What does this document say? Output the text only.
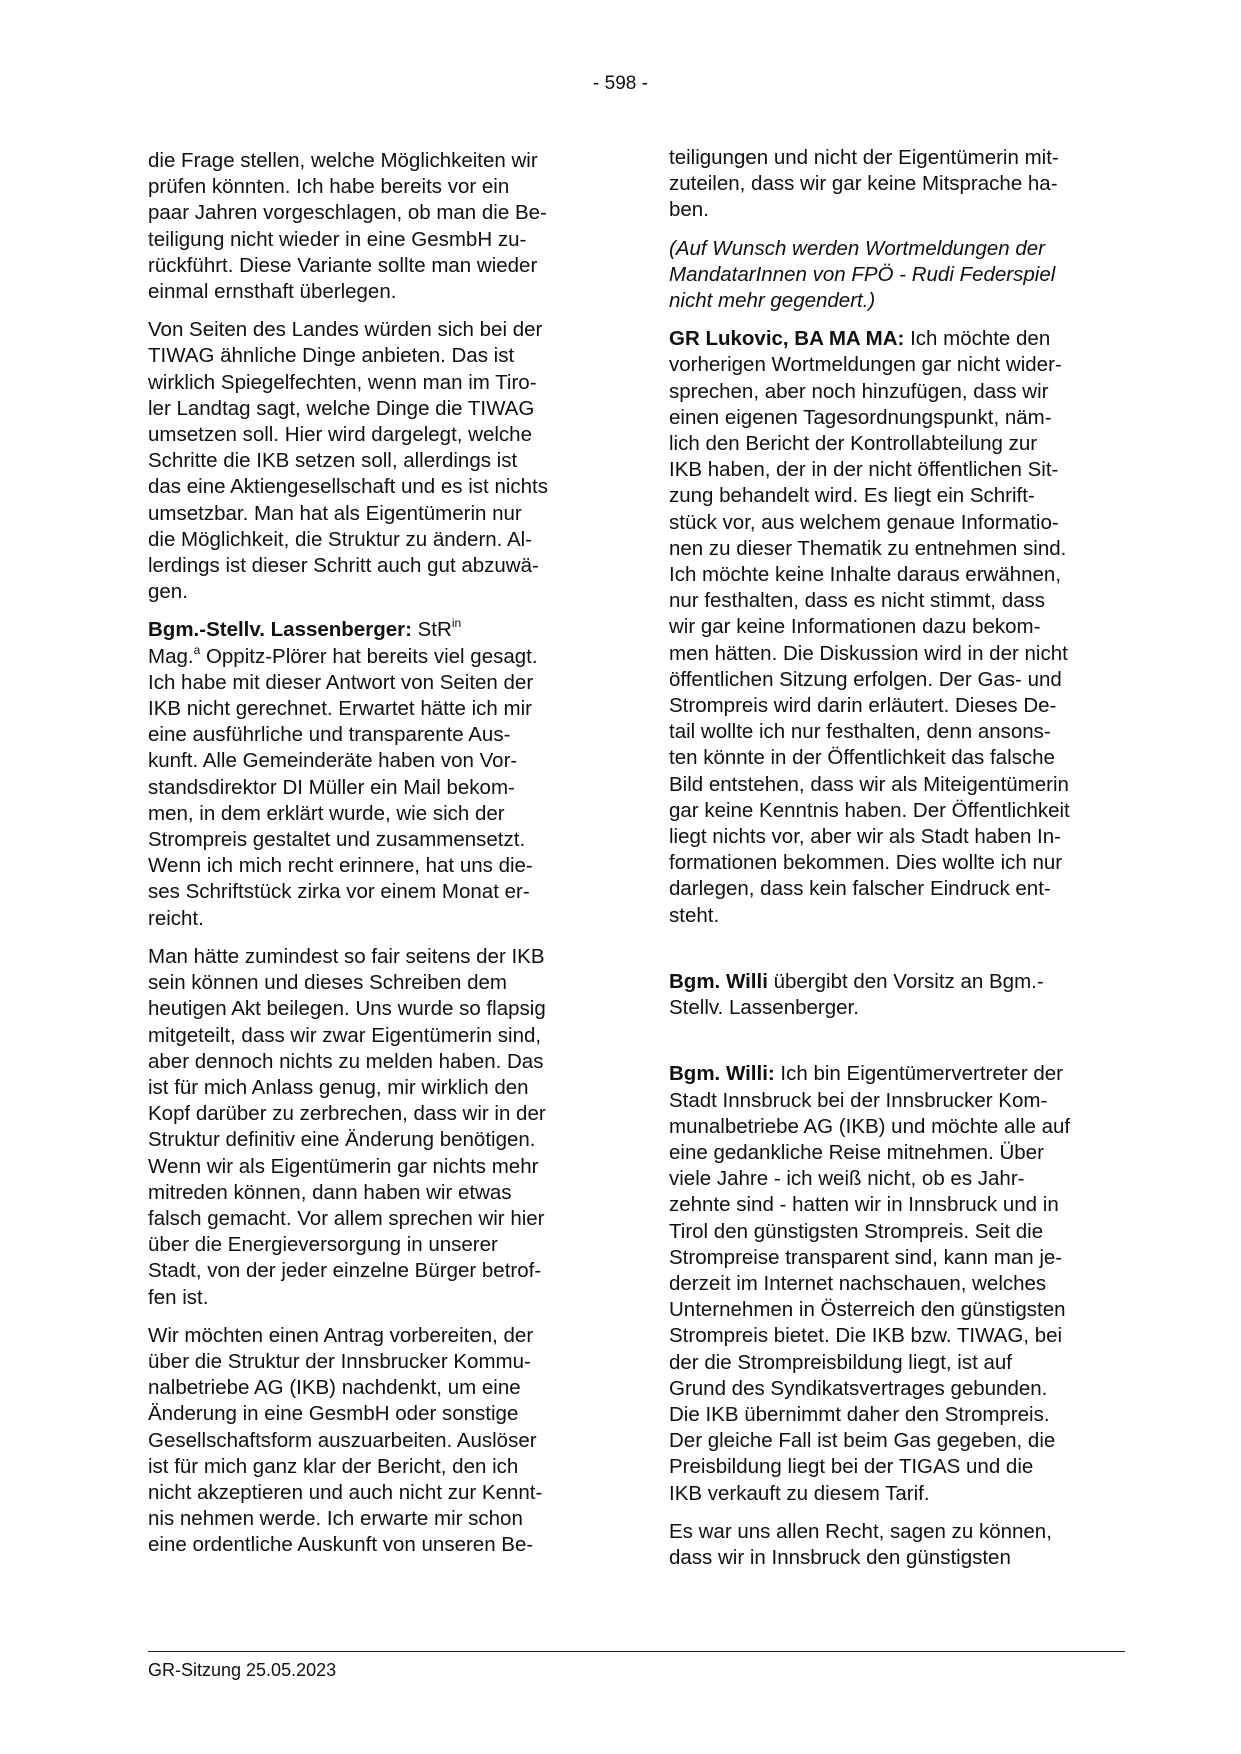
- 598 -

die Frage stellen, welche Möglichkeiten wir
prüfen könnten. Ich habe bereits vor ein
paar Jahren vorgeschlagen, ob man die Be-
teiligung nicht wieder in eine GesmbH zu-
rückführt. Diese Variante sollte man wieder
einmal ernsthaft überlegen.

Von Seiten des Landes würden sich bei der
TIWAG ähnliche Dinge anbieten. Das ist
wirklich Spiegelfechten, wenn man im Tiro-
ler Landtag sagt, welche Dinge die TIWAG
umsetzen soll. Hier wird dargelegt, welche
Schritte die IKB setzen soll, allerdings ist
das eine Aktiengesellschaft und es ist nichts
umsetzbar. Man hat als Eigentümerin nur
die Möglichkeit, die Struktur zu ändern. Al-
lerdings ist dieser Schritt auch gut abzuwä-
gen.

Bgm.-Stellv. Lassenberger: StR$^{in}$
Mag.$^a$ Oppitz-Plörer hat bereits viel gesagt.
Ich habe mit dieser Antwort von Seiten der
IKB nicht gerechnet. Erwartet hätte ich mir
eine ausführliche und transparente Aus-
kunft. Alle Gemeinderäte haben von Vor-
standsdirektor DI Müller ein Mail bekom-
men, in dem erklärt wurde, wie sich der
Strompreis gestaltet und zusammensetzt.
Wenn ich mich recht erinnere, hat uns die-
ses Schriftstück zirka vor einem Monat er-
reicht.

Man hätte zumindest so fair seitens der IKB
sein können und dieses Schreiben dem
heutigen Akt beilegen. Uns wurde so flapsig
mitgeteilt, dass wir zwar Eigentümerin sind,
aber dennoch nichts zu melden haben. Das
ist für mich Anlass genug, mir wirklich den
Kopf darüber zu zerbrechen, dass wir in der
Struktur definitiv eine Änderung benötigen.
Wenn wir als Eigentümerin gar nichts mehr
mitreden können, dann haben wir etwas
falsch gemacht. Vor allem sprechen wir hier
über die Energieversorgung in unserer
Stadt, von der jeder einzelne Bürger betrof-
fen ist.

Wir möchten einen Antrag vorbereiten, der
über die Struktur der Innsbrucker Kommu-
nalbetriebe AG (IKB) nachdenkt, um eine
Änderung in eine GesmbH oder sonstige
Gesellschaftsform auszuarbeiten. Auslöser
ist für mich ganz klar der Bericht, den ich
nicht akzeptieren und auch nicht zur Kennt-
nis nehmen werde. Ich erwarte mir schon
eine ordentliche Auskunft von unseren Be-

teiligungen und nicht der Eigentümerin mit-
zuteilen, dass wir gar keine Mitsprache ha-
ben.

(Auf Wunsch werden Wortmeldungen der
MandatarInnen von FPÖ - Rudi Federspiel
nicht mehr gegendert.)

GR Lukovic, BA MA MA: Ich möchte den
vorherigen Wortmeldungen gar nicht wider-
sprechen, aber noch hinzufügen, dass wir
einen eigenen Tagesordnungspunkt, näm-
lich den Bericht der Kontrollabteilung zur
IKB haben, der in der nicht öffentlichen Sit-
zung behandelt wird. Es liegt ein Schrift-
stück vor, aus welchem genaue Informatio-
nen zu dieser Thematik zu entnehmen sind.
Ich möchte keine Inhalte daraus erwähnen,
nur festhalten, dass es nicht stimmt, dass
wir gar keine Informationen dazu bekom-
men hätten. Die Diskussion wird in der nicht
öffentlichen Sitzung erfolgen. Der Gas- und
Strompreis wird darin erläutert. Dieses De-
tail wollte ich nur festhalten, denn ansons-
ten könnte in der Öffentlichkeit das falsche
Bild entstehen, dass wir als Miteigentümerin
gar keine Kenntnis haben. Der Öffentlichkeit
liegt nichts vor, aber wir als Stadt haben In-
formationen bekommen. Dies wollte ich nur
darlegen, dass kein falscher Eindruck ent-
steht.

Bgm. Willi übergibt den Vorsitz an Bgm.-
Stellv. Lassenberger.

Bgm. Willi: Ich bin Eigentümervertreter der
Stadt Innsbruck bei der Innsbrucker Kom-
munalbetriebe AG (IKB) und möchte alle auf
eine gedankliche Reise mitnehmen. Über
viele Jahre - ich weiß nicht, ob es Jahr-
zehnte sind - hatten wir in Innsbruck und in
Tirol den günstigsten Strompreis. Seit die
Strompreise transparent sind, kann man je-
derzeit im Internet nachschauen, welches
Unternehmen in Österreich den günstigsten
Strompreis bietet. Die IKB bzw. TIWAG, bei
der die Strompreisbildung liegt, ist auf
Grund des Syndikatsvertrages gebunden.
Die IKB übernimmt daher den Strompreis.
Der gleiche Fall ist beim Gas gegeben, die
Preisbildung liegt bei der TIGAS und die
IKB verkauft zu diesem Tarif.

Es war uns allen Recht, sagen zu können,
dass wir in Innsbruck den günstigsten

GR-Sitzung 25.05.2023
